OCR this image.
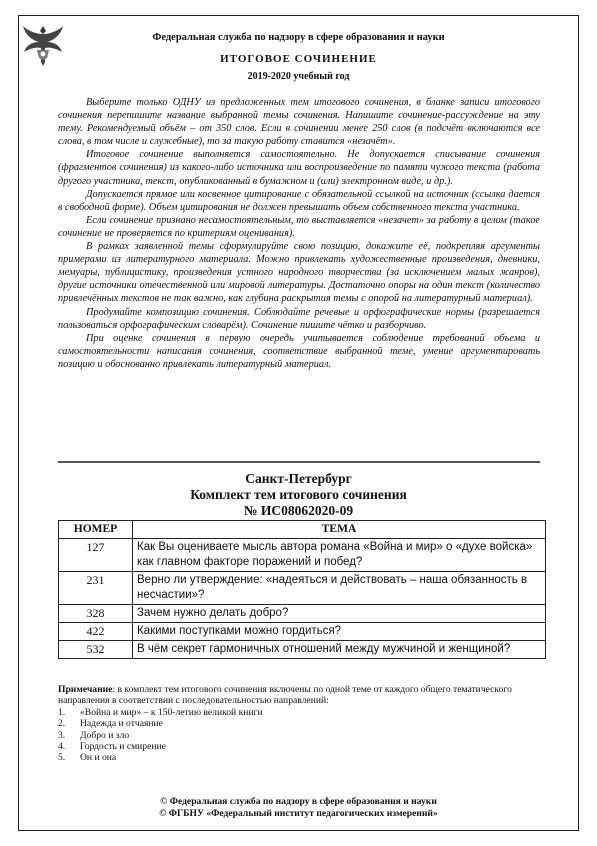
Федеральная служба по надзору в сфере образования и науки
ИТОГОВОЕ СОЧИНЕНИЕ
2019-2020 учебный год

Выберите только ОДНУ из предложенных тем итогового сочинения, в бланке записи итогового сочинения перепишите название выбранной темы сочинения. Напишите сочинение-рассуждение на эту тему. Рекомендуемый объём – от 350 слов. Если в сочинении менее 250 слов (в подсчёт включаются все слова, в том числе и служебные), то за такую работу ставится «незачёт».

Итоговое сочинение выполняется самостоятельно. Не допускается списывание сочинения (фрагментов сочинения) из какого-либо источника или воспроизведение по памяти чужого текста (работа другого участника, текст, опубликованный в бумажном и (или) электронном виде, и др.).

Допускается прямое или косвенное цитирование с обязательной ссылкой на источник (ссылка дается в свободной форме). Объем цитирования не должен превышать объем собственного текста участника.

Если сочинение признано несамостоятельным, то выставляется «незачет» за работу в целом (такое сочинение не проверяется по критериям оценивания).

В рамках заявленной темы сформулируйте свою позицию, докажите её, подкрепляя аргументы примерами из литературного материала. Можно привлекать художественные произведения, дневники, мемуары, публицистику, произведения устного народного творчества (за исключением малых жанров), другие источники отечественной или мировой литературы. Достаточно опоры на один текст (количество привлечённых текстов не так важно, как глубина раскрытия темы с опорой на литературный материал).

Продумайте композицию сочинения. Соблюдайте речевые и орфографические нормы (разрешается пользоваться орфографическим словарём). Сочинение пишите чётко и разборчиво.

При оценке сочинения в первую очередь учитывается соблюдение требований объема и самостоятельности написания сочинения, соответствие выбранной теме, умение аргументировать позицию и обоснованно привлекать литературный материал.

Санкт-Петербург
Комплект тем итогового сочинения
№ ИС08062020-09
НОМЕР	ТЕМА
127	Как Вы оцениваете мысль автора романа «Война и мир» о «духе войска» как главном факторе поражений и побед?
231	Верно ли утверждение: «надеяться и действовать – наша обязанность в несчастии»?
328	Зачем нужно делать добро?
422	Какими поступками можно гордиться?
532	В чём секрет гармоничных отношений между мужчиной и женщиной?
Примечание: в комплект тем итогового сочинения включены по одной теме от каждого общего тематического направления в соответствии с последовательностью направлений:
1.	«Война и мир» – к 150-летию великой книги
2.	Надежда и отчаяние
3.	Добро и зло
4.	Гордость и смирение
5.	Он и она
© Федеральная служба по надзору в сфере образования и науки
© ФГБНУ «Федеральный институт педагогических измерений»
